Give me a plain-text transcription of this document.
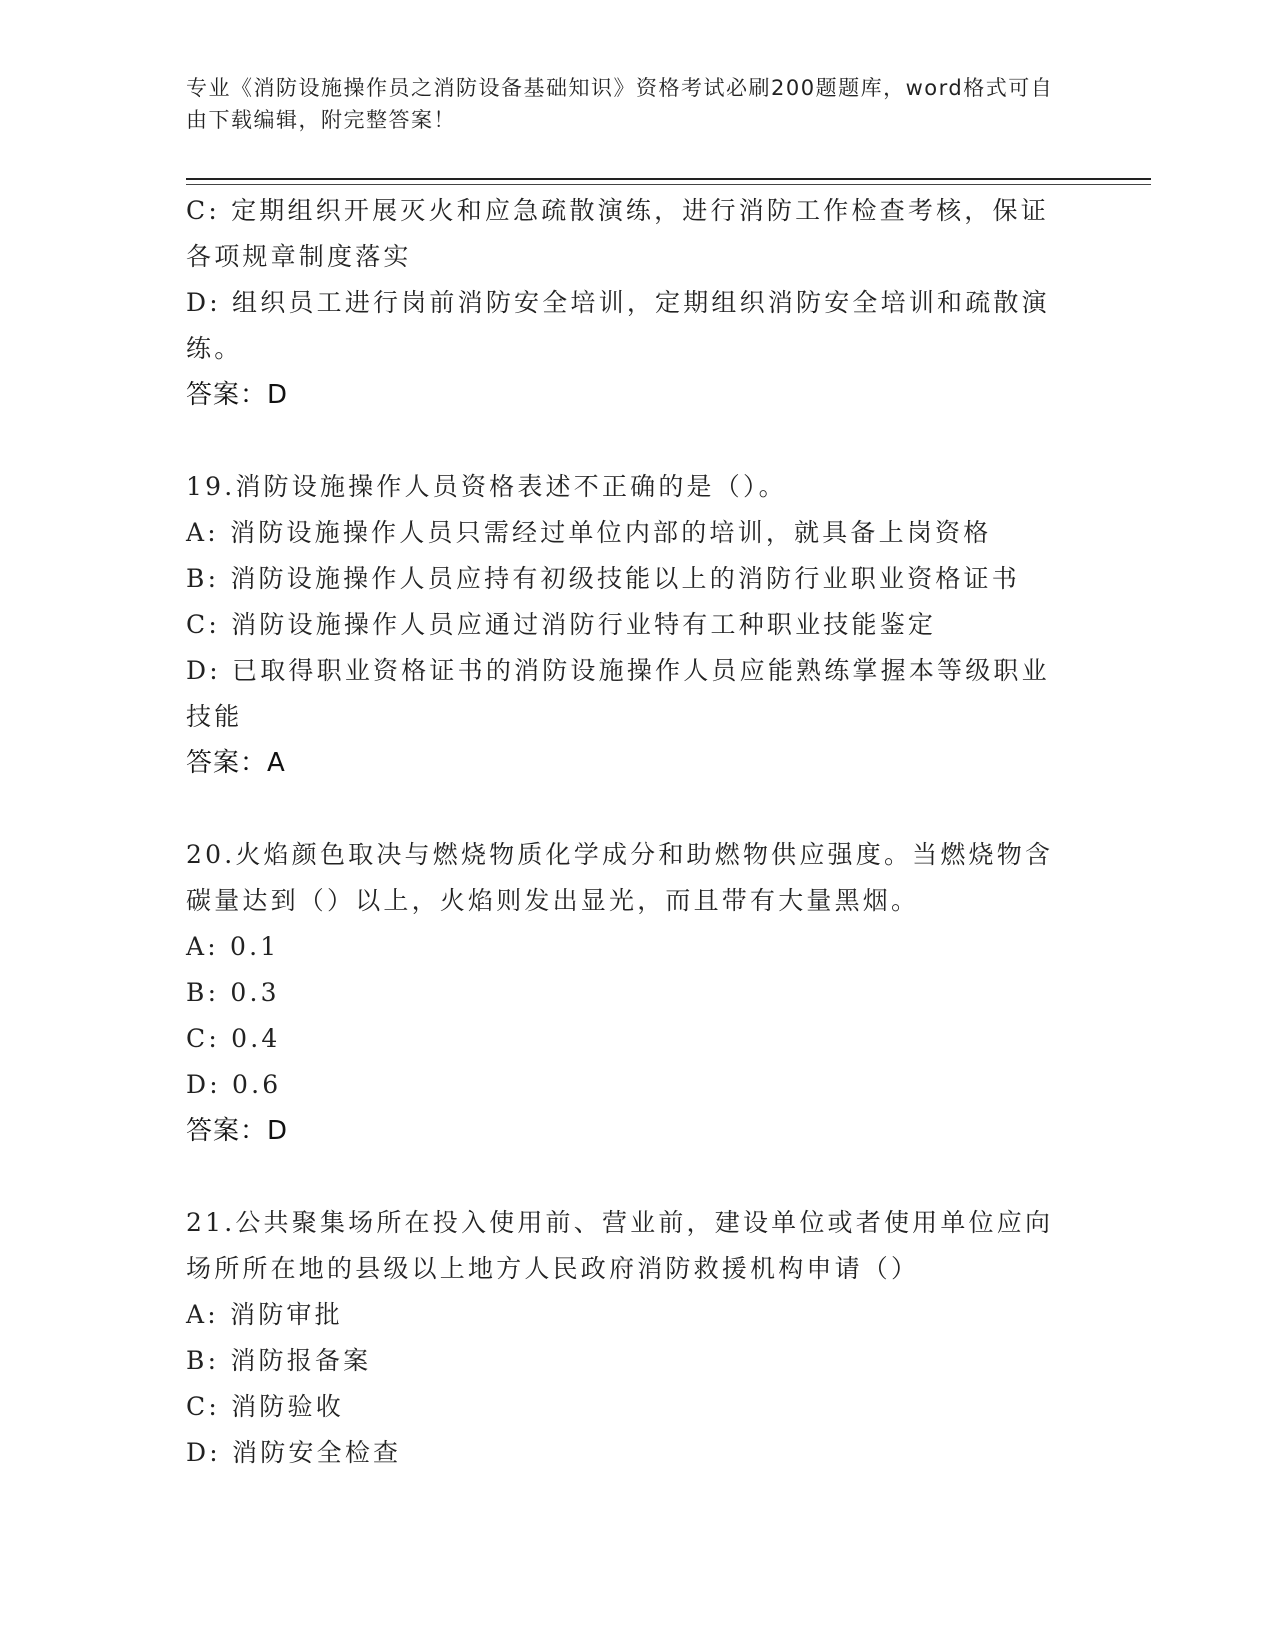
专业《消防设施操作员之消防设备基础知识》资格考试必刷200题题库，word格式可自由下载编辑，附完整答案！
C: 定期组织开展灭火和应急疏散演练，进行消防工作检查考核，保证各项规章制度落实
D: 组织员工进行岗前消防安全培训，定期组织消防安全培训和疏散演练。
答案：D
19.消防设施操作人员资格表述不正确的是（）。
A: 消防设施操作人员只需经过单位内部的培训，就具备上岗资格
B: 消防设施操作人员应持有初级技能以上的消防行业职业资格证书
C: 消防设施操作人员应通过消防行业特有工种职业技能鉴定
D: 已取得职业资格证书的消防设施操作人员应能熟练掌握本等级职业技能
答案：A
20.火焰颜色取决与燃烧物质化学成分和助燃物供应强度。当燃烧物含碳量达到（）以上，火焰则发出显光，而且带有大量黑烟。
A: 0.1
B: 0.3
C: 0.4
D: 0.6
答案：D
21.公共聚集场所在投入使用前、营业前，建设单位或者使用单位应向场所所在地的县级以上地方人民政府消防救援机构申请（）
A: 消防审批
B: 消防报备案
C: 消防验收
D: 消防安全检查
